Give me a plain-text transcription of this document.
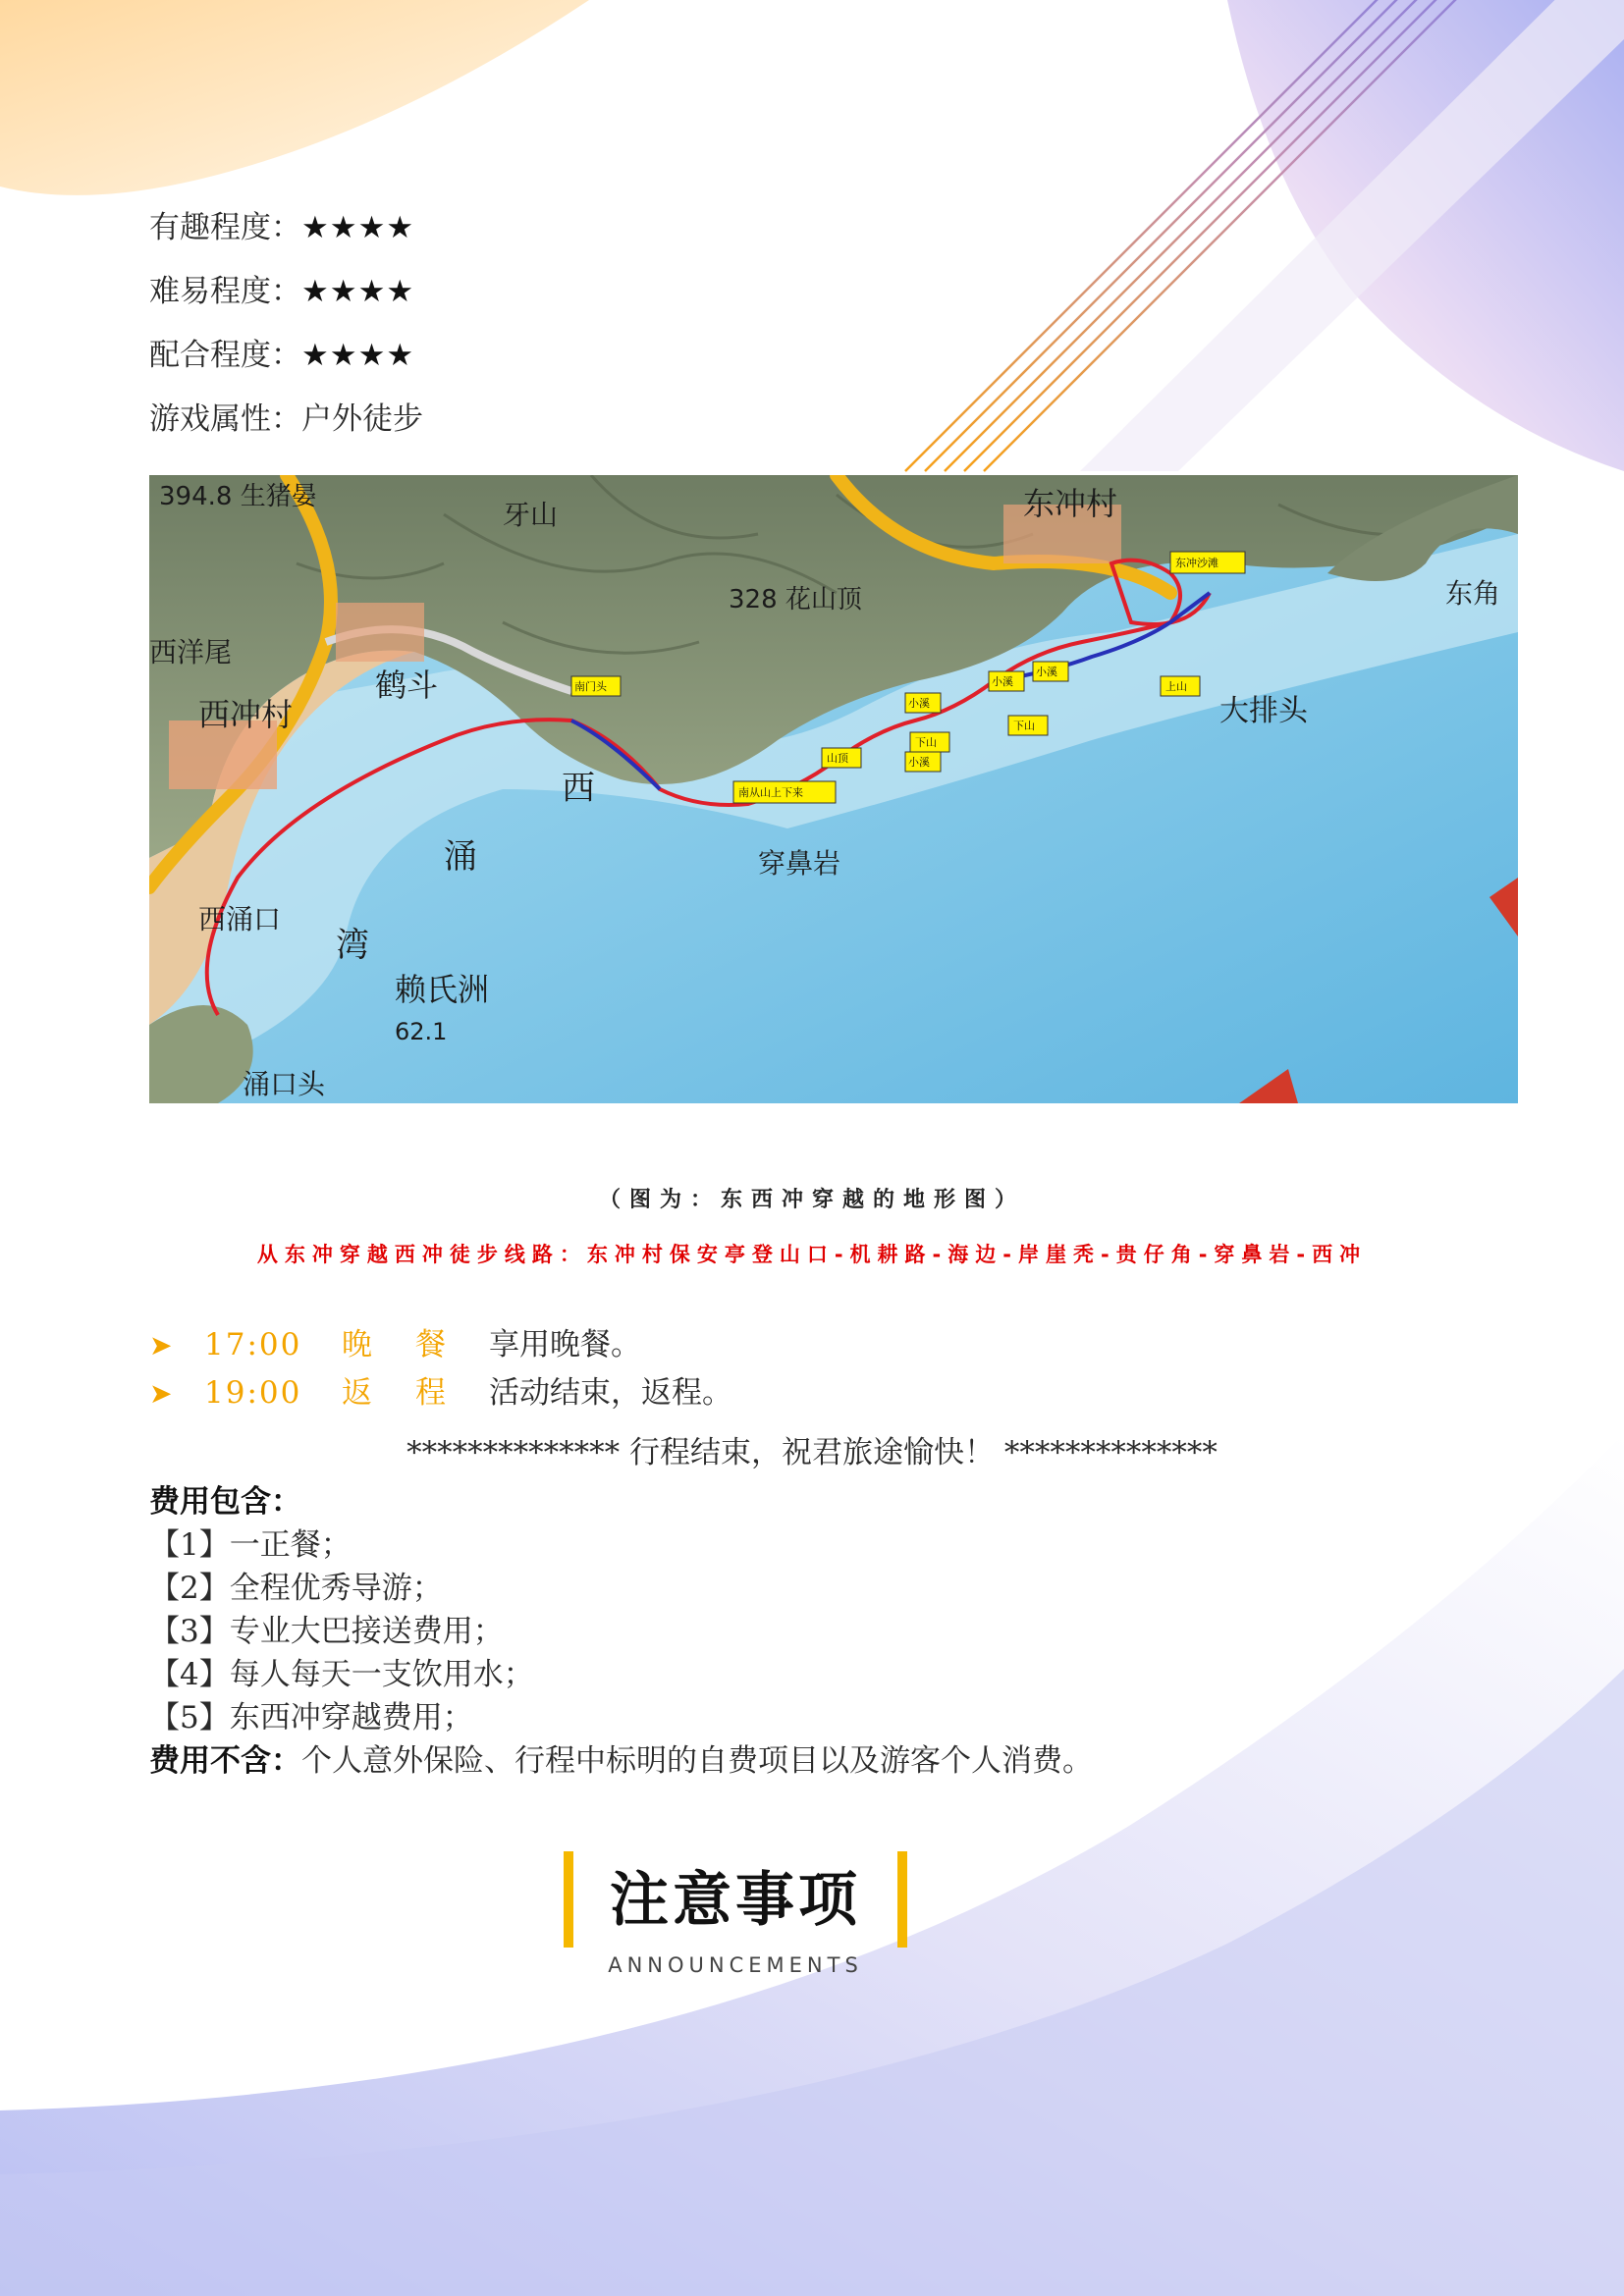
有趣程度：★★★★
难易程度：★★★★
配合程度：★★★★
游戏属性：户外徒步
394.8 生猪晏
牙山	东冲村
328 花山顶	东角
西洋尾
鹤斗
西冲村	大排头
西
涌
湾
穿鼻岩
西涌口
赖氏洲
62.1
涌口头
东冲沙滩
小溪
上山
下山
南门头	小溪
小溪
下山
小溪
山顶
南从山上下来
（图为：东西冲穿越的地形图）
从东冲穿越西冲徒步线路：东冲村保安亭登山口-机耕路-海边-岸崖秃-贵仔角-穿鼻岩-西冲
➤ 17:00 晚餐享用晚餐。
➤ 19:00 返程活动结束，返程。
************** 行程结束，祝君旅途愉快！ **************
费用包含：
【1】一正餐；
【2】全程优秀导游；
【3】专业大巴接送费用；
【4】每人每天一支饮用水；
【5】东西冲穿越费用；
费用不含：个人意外保险、行程中标明的自费项目以及游客个人消费。
注意事项
ANNOUNCEMENTS
